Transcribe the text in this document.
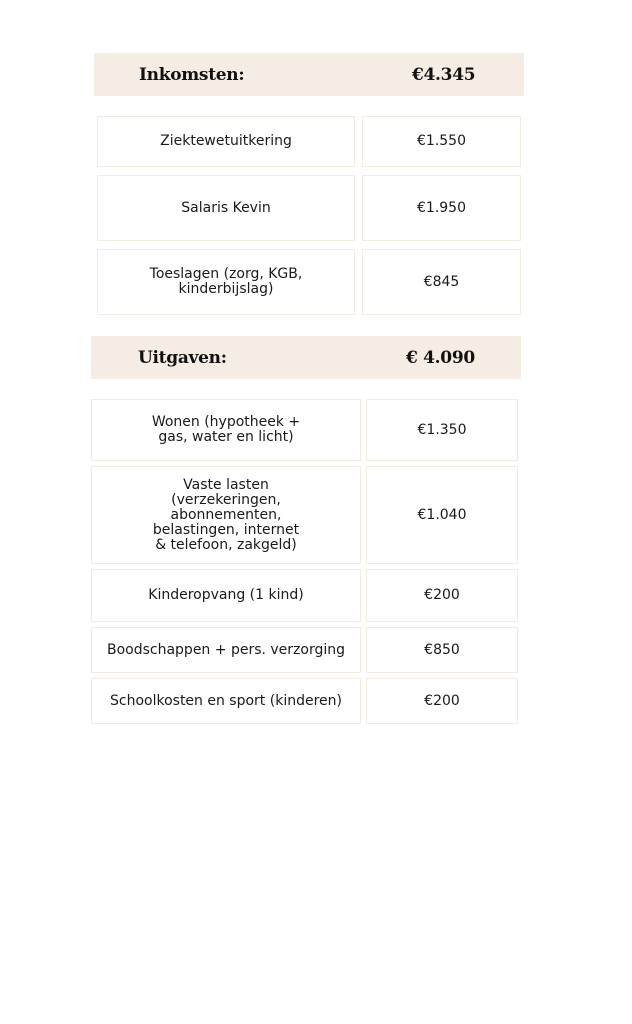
Inkomsten:	€4.345
Ziektewetuitkering	€1.550
Salaris Kevin	€1.950
Toeslagen (zorg, KGB,
kinderbijslag)	€845
Uitgaven:	€ 4.090
Wonen (hypotheek +
gas, water en licht)	€1.350
Vaste lasten
(verzekeringen,
abonnementen,
belastingen, internet
& telefoon, zakgeld)
€1.040
Kinderopvang (1 kind)	€200
Boodschappen + pers. verzorging	€850
Schoolkosten en sport (kinderen)	€200
